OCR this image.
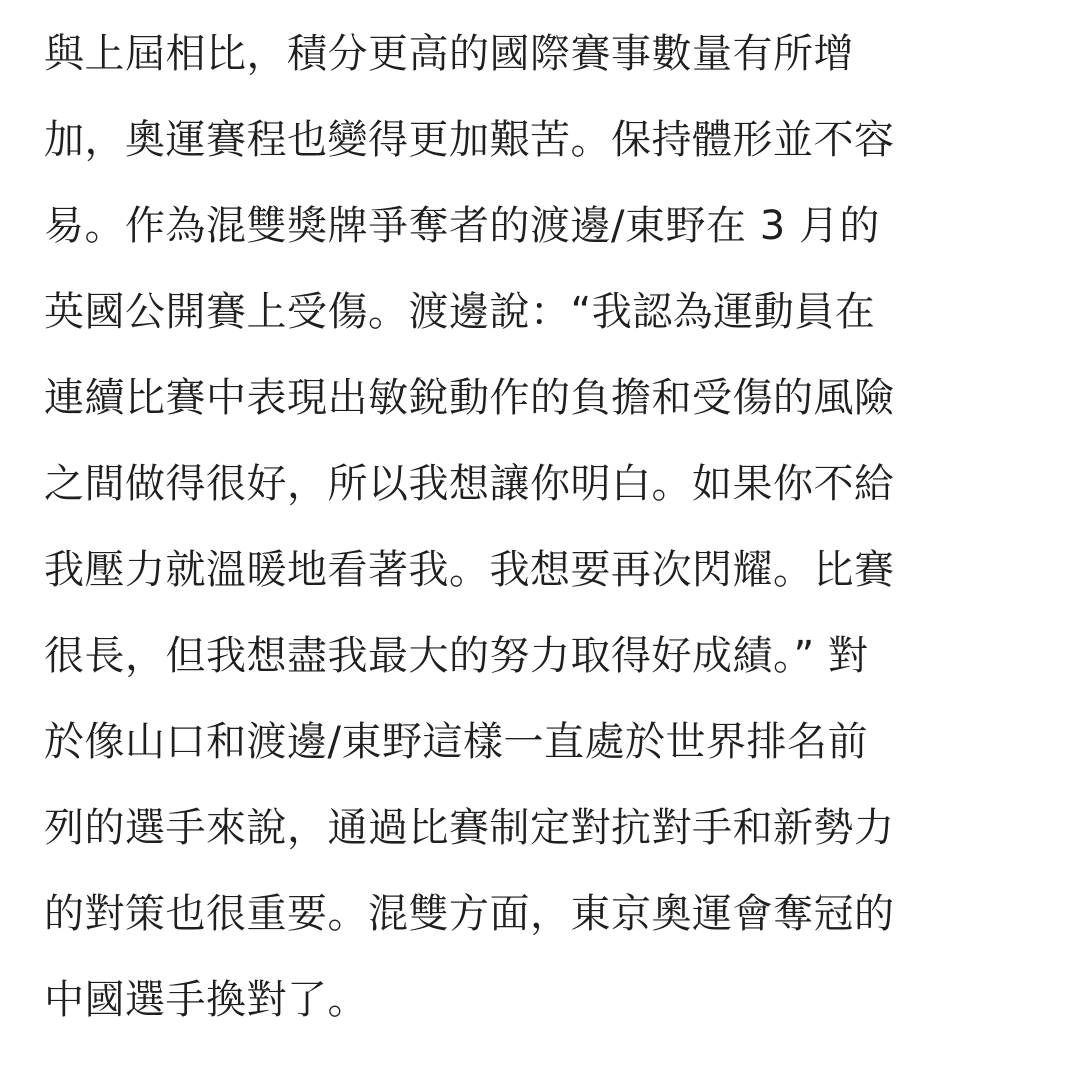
與上屆相比，積分更高的國際賽事數量有所增
加，奧運賽程也變得更加艱苦。保持體形並不容
易。作為混雙獎牌爭奪者的渡邊/東野在 3 月的
英國公開賽上受傷。渡邊說：“我認為運動員在
連續比賽中表現出敏銳動作的負擔和受傷的風險
之間做得很好，所以我想讓你明白。如果你不給
我壓力就溫暖地看著我。我想要再次閃耀。比賽
很長，但我想盡我最大的努力取得好成績。” 對
於像山口和渡邊/東野這樣一直處於世界排名前
列的選手來說，通過比賽制定對抗對手和新勢力
的對策也很重要。混雙方面，東京奧運會奪冠的
中國選手換對了。
